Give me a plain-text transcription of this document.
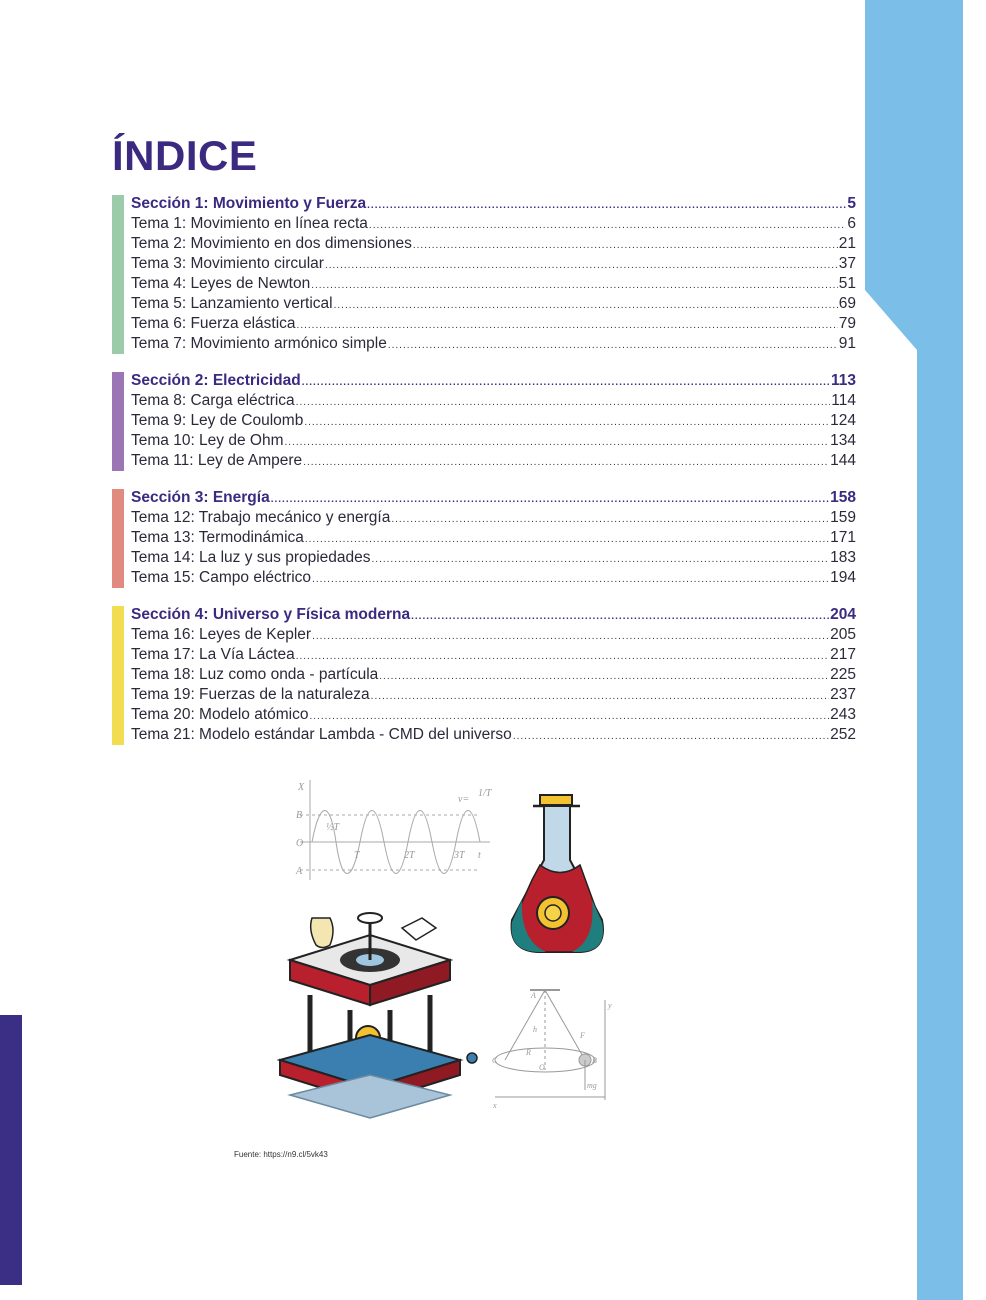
ÍNDICE
Sección 1: Movimiento y Fuerza .....	5
Tema 1: Movimiento en línea recta .....	6
Tema 2: Movimiento en dos dimensiones .....	21
Tema 3: Movimiento circular .....	37
Tema 4: Leyes de Newton .....	51
Tema 5: Lanzamiento vertical .....	69
Tema 6: Fuerza elástica .....	79
Tema 7: Movimiento armónico simple .....	91
Sección 2: Electricidad .....	113
Tema 8: Carga eléctrica .....	114
Tema 9: Ley de Coulomb .....	124
Tema 10: Ley de Ohm .....	134
Tema 11: Ley de Ampere .....	144
Sección 3: Energía .....	158
Tema 12: Trabajo mecánico y energía .....	159
Tema 13: Termodinámica .....	171
Tema 14: La luz y sus propiedades .....	183
Tema 15: Campo eléctrico .....	194
Sección 4: Universo y Física moderna .....	204
Tema 16: Leyes de Kepler .....	205
Tema 17: La Vía Láctea .....	217
Tema 18: Luz como onda - partícula .....	225
Tema 19: Fuerzas de la naturaleza .....	237
Tema 20: Modelo atómico .....	243
Tema 21: Modelo estándar Lambda - CMD del universo .....	252
X
B
O
A
T	2T	3T t
ν=
½T
1/T
A
h
F
R
C	B
O
mg
y
x
Fuente: https://n9.cl/5vk43
